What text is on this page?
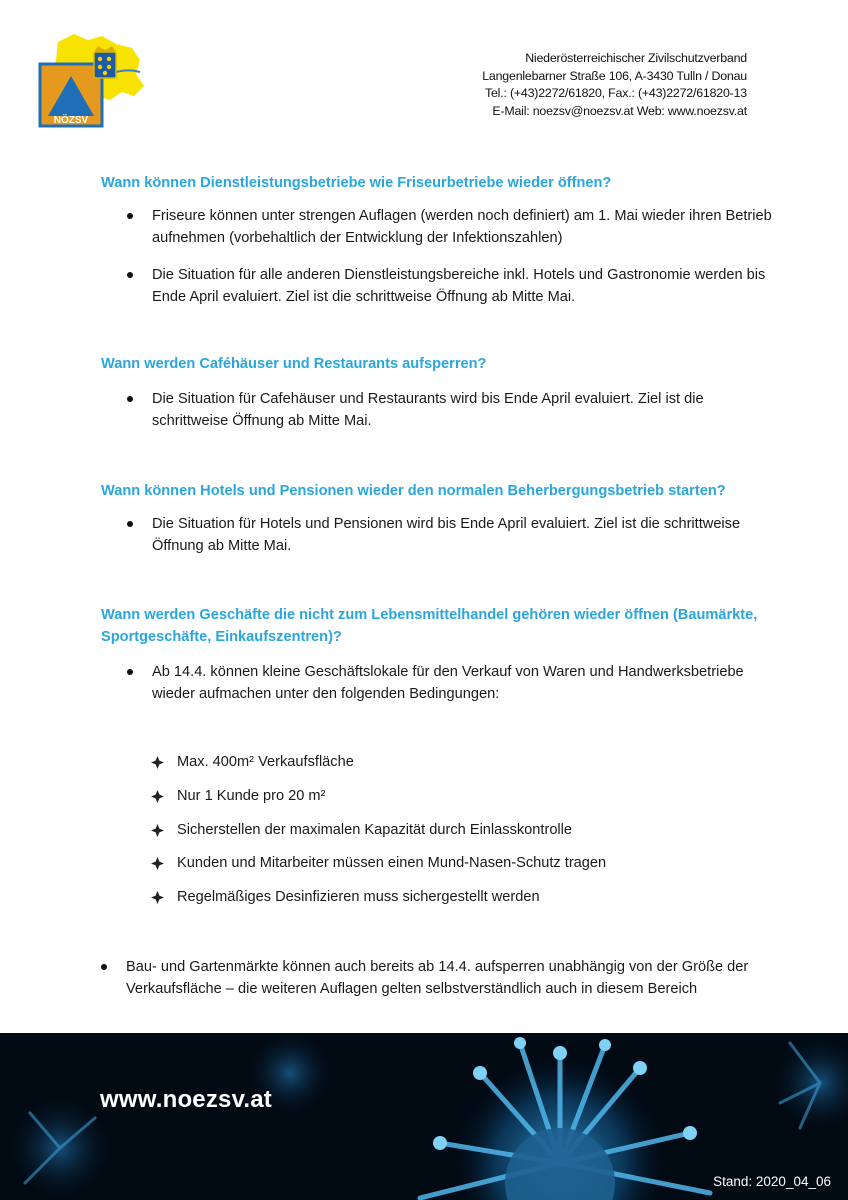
NÖZSV
Niederösterreichischer Zivilschutzverband
Langenlebarner Straße 106, A-3430 Tulln / Donau
Tel.: (+43)2272/61820, Fax.: (+43)2272/61820-13
E-Mail: noezsv@noezsv.at Web: www.noezsv.at
Wann können Dienstleistungsbetriebe wie Friseurbetriebe wieder öffnen?
Friseure können unter strengen Auflagen (werden noch definiert) am 1. Mai wieder ihren Betrieb aufnehmen (vorbehaltlich der Entwicklung der Infektionszahlen)
Die Situation für alle anderen Dienstleistungsbereiche inkl. Hotels und Gastronomie werden bis Ende April evaluiert. Ziel ist die schrittweise Öffnung ab Mitte Mai.
Wann werden Caféhäuser und Restaurants aufsperren?
Die Situation für Cafehäuser und Restaurants wird bis Ende April evaluiert. Ziel ist die schrittweise Öffnung ab Mitte Mai.
Wann können Hotels und Pensionen wieder den normalen Beherbergungsbetrieb starten?
Die Situation für Hotels und Pensionen wird bis Ende April evaluiert. Ziel ist die schrittweise Öffnung ab Mitte Mai.
Wann werden Geschäfte die nicht zum Lebensmittelhandel gehören wieder öffnen (Baumärkte, Sportgeschäfte, Einkaufszentren)?
Ab 14.4. können kleine Geschäftslokale für den Verkauf von Waren und Handwerksbetriebe wieder aufmachen unter den folgenden Bedingungen:
Max. 400m² Verkaufsfläche
Nur 1 Kunde pro 20 m²
Sicherstellen der maximalen Kapazität durch Einlasskontrolle
Kunden und Mitarbeiter müssen einen Mund-Nasen-Schutz tragen
Regelmäßiges Desinfizieren muss sichergestellt werden
Bau- und Gartenmärkte können auch bereits ab 14.4. aufsperren unabhängig von der Größe der Verkaufsfläche – die weiteren Auflagen gelten selbstverständlich auch in diesem Bereich
www.noezsv.at
Stand: 2020_04_06
